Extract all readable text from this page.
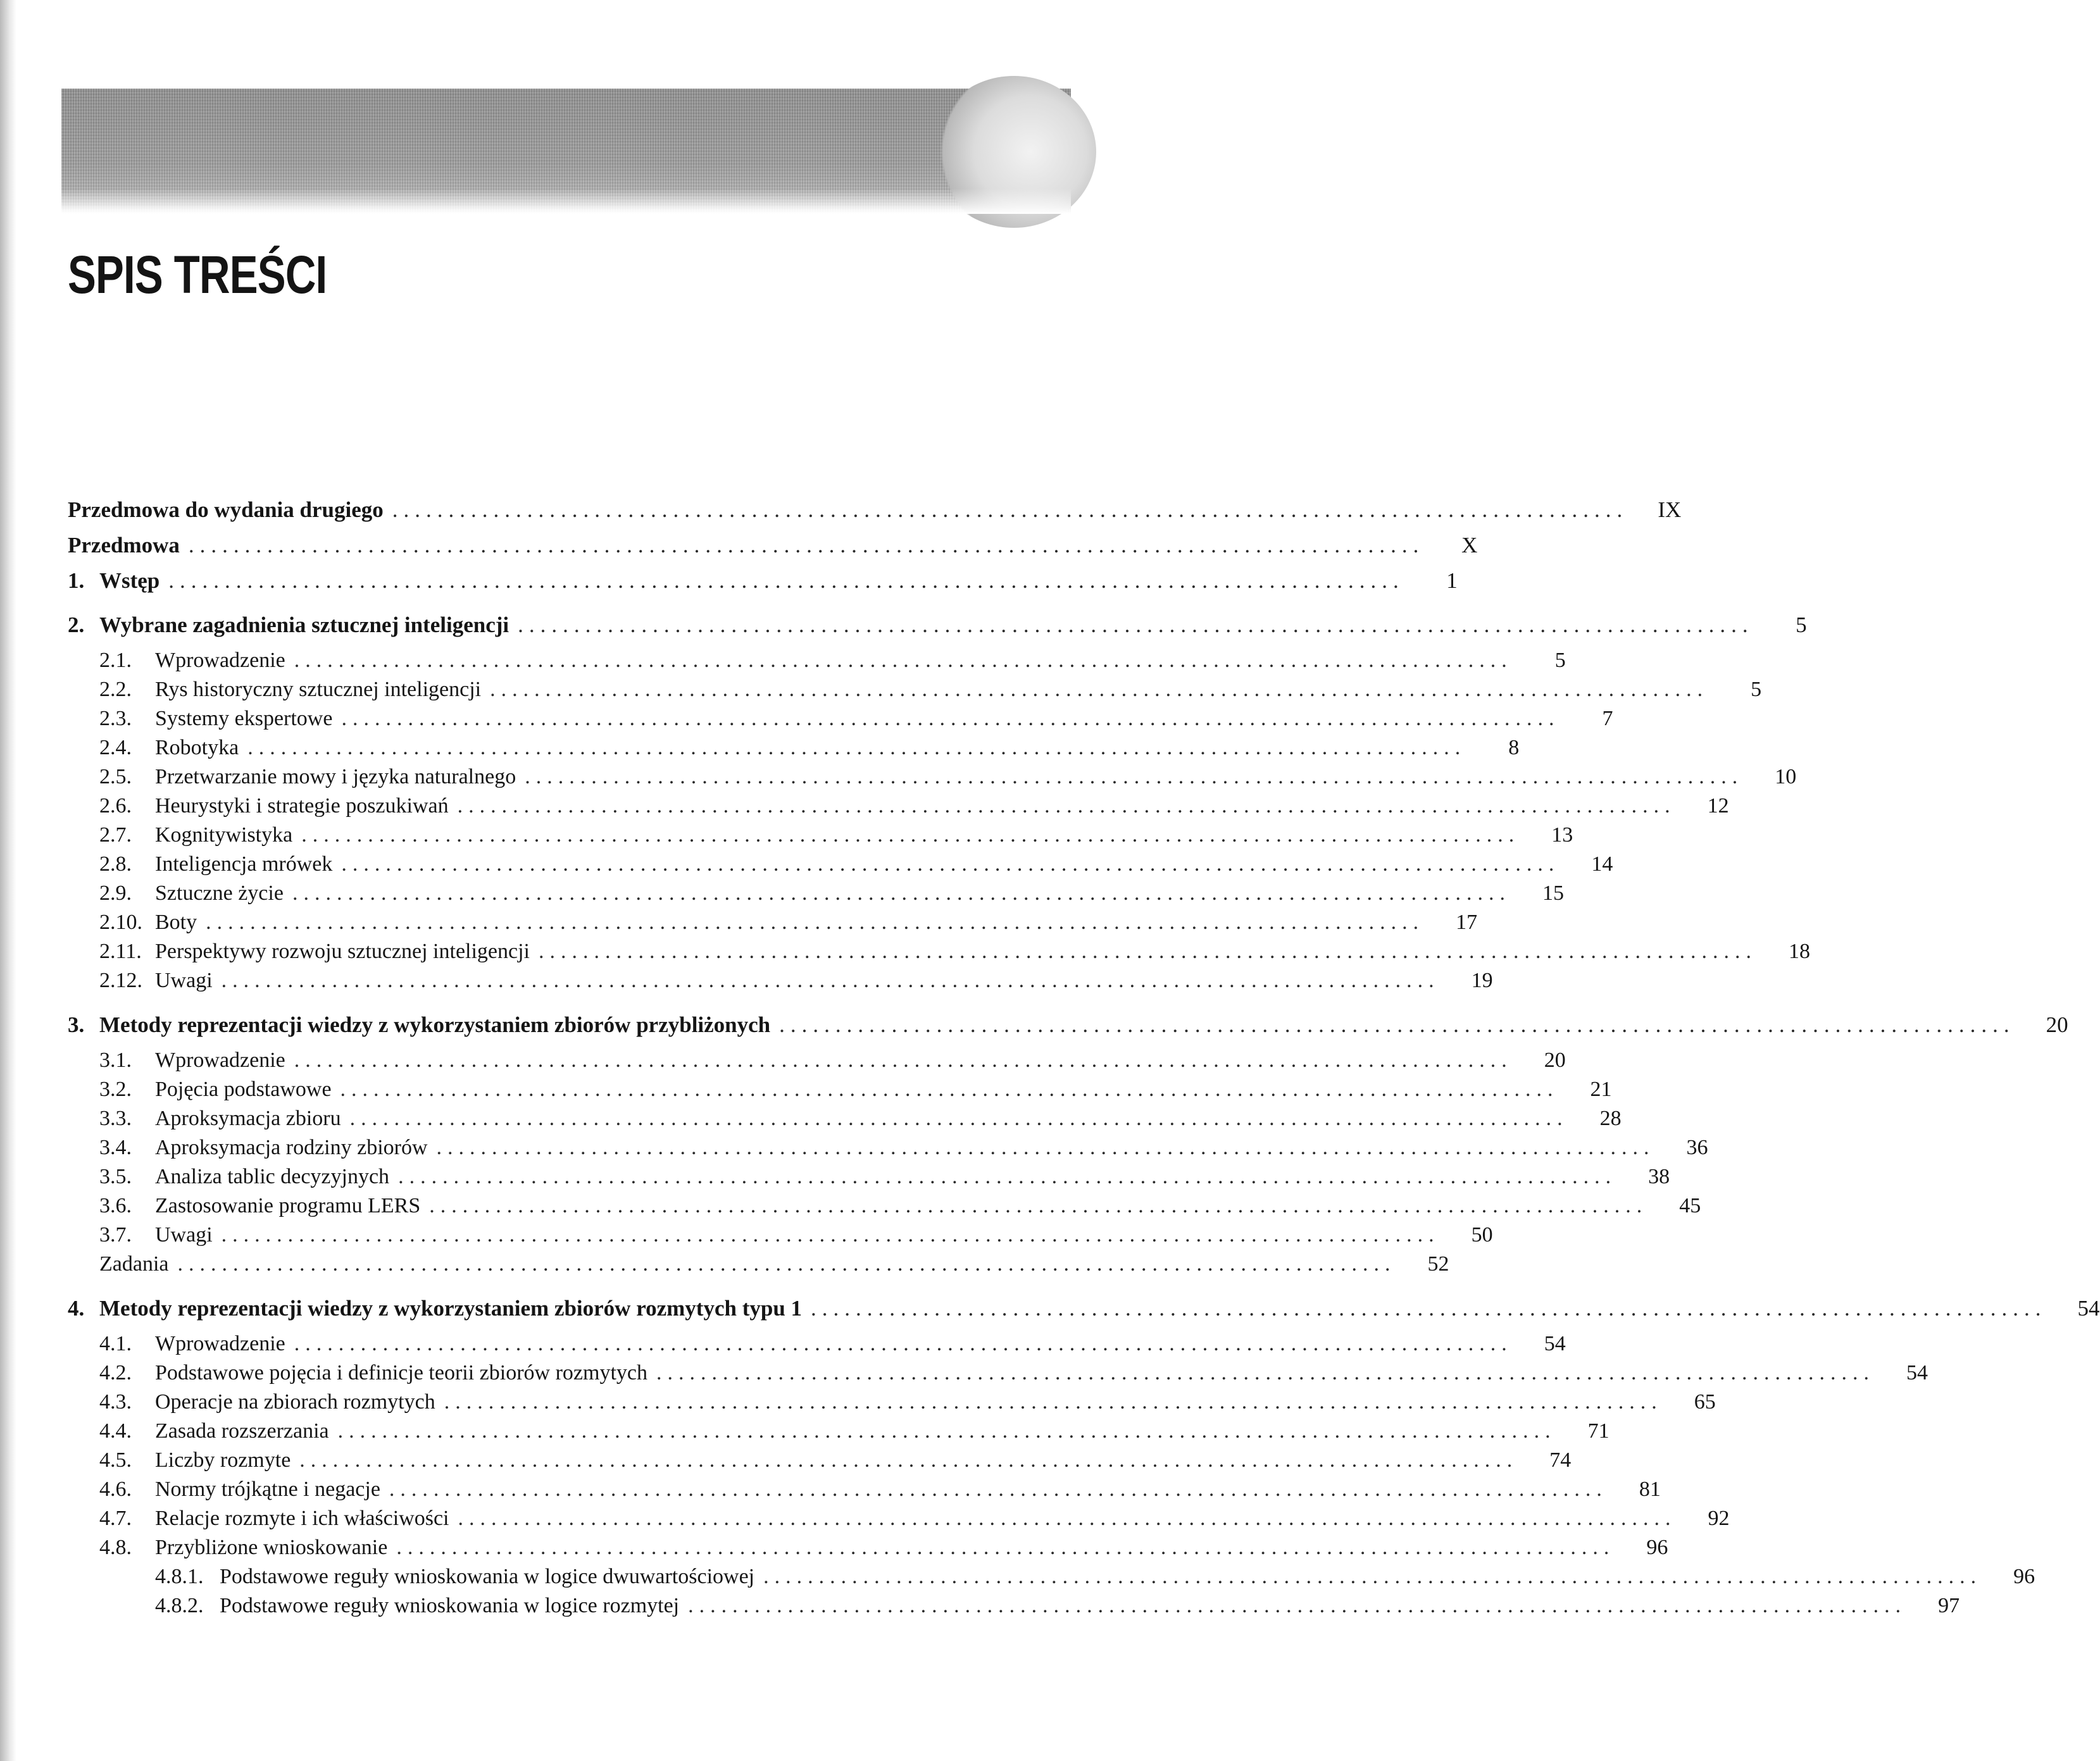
SPIS TREŚCI
Przedmowa do wydania drugiego ..............................................................................................................	IX
Przedmowa ..............................................................................................................	X
1. Wstęp ..............................................................................................................	1
2. Wybrane zagadnienia sztucznej inteligencji ..............................................................................................................	5
2.1.	Wprowadzenie ..............................................................................................................	5
2.2.	Rys historyczny sztucznej inteligencji ..............................................................................................................	5
2.3.	Systemy ekspertowe ..............................................................................................................	7
2.4.	Robotyka ..............................................................................................................	8
2.5.	Przetwarzanie mowy i języka naturalnego ..............................................................................................................	10
2.6.	Heurystyki i strategie poszukiwań ..............................................................................................................	12
2.7.	Kognitywistyka ..............................................................................................................	13
2.8.	Inteligencja mrówek ..............................................................................................................	14
2.9.	Sztuczne życie ..............................................................................................................	15
2.10. Boty ..............................................................................................................	17
2.11. Perspektywy rozwoju sztucznej inteligencji ..............................................................................................................	18
2.12. Uwagi ..............................................................................................................	19
3. Metody reprezentacji wiedzy z wykorzystaniem zbiorów przybliżonych ..............................................................................................................	20
3.1.	Wprowadzenie ..............................................................................................................	20
3.2.	Pojęcia podstawowe ..............................................................................................................	21
3.3.	Aproksymacja zbioru ..............................................................................................................	28
3.4.	Aproksymacja rodziny zbiorów ..............................................................................................................	36
3.5.	Analiza tablic decyzyjnych ..............................................................................................................	38
3.6.	Zastosowanie programu LERS ..............................................................................................................	45
3.7.	Uwagi ..............................................................................................................	50
Zadania ..............................................................................................................	52
4. Metody reprezentacji wiedzy z wykorzystaniem zbiorów rozmytych typu 1 ..............................................................................................................	54
4.1.	Wprowadzenie ..............................................................................................................	54
4.2.	Podstawowe pojęcia i definicje teorii zbiorów rozmytych ..............................................................................................................	54
4.3.	Operacje na zbiorach rozmytych ..............................................................................................................	65
4.4.	Zasada rozszerzania ..............................................................................................................	71
4.5.	Liczby rozmyte ..............................................................................................................	74
4.6.	Normy trójkątne i negacje ..............................................................................................................	81
4.7.	Relacje rozmyte i ich właściwości ..............................................................................................................	92
4.8.	Przybliżone wnioskowanie ..............................................................................................................	96
4.8.1. Podstawowe reguły wnioskowania w logice dwuwartościowej ..............................................................................................................	96
4.8.2. Podstawowe reguły wnioskowania w logice rozmytej ..............................................................................................................	97
